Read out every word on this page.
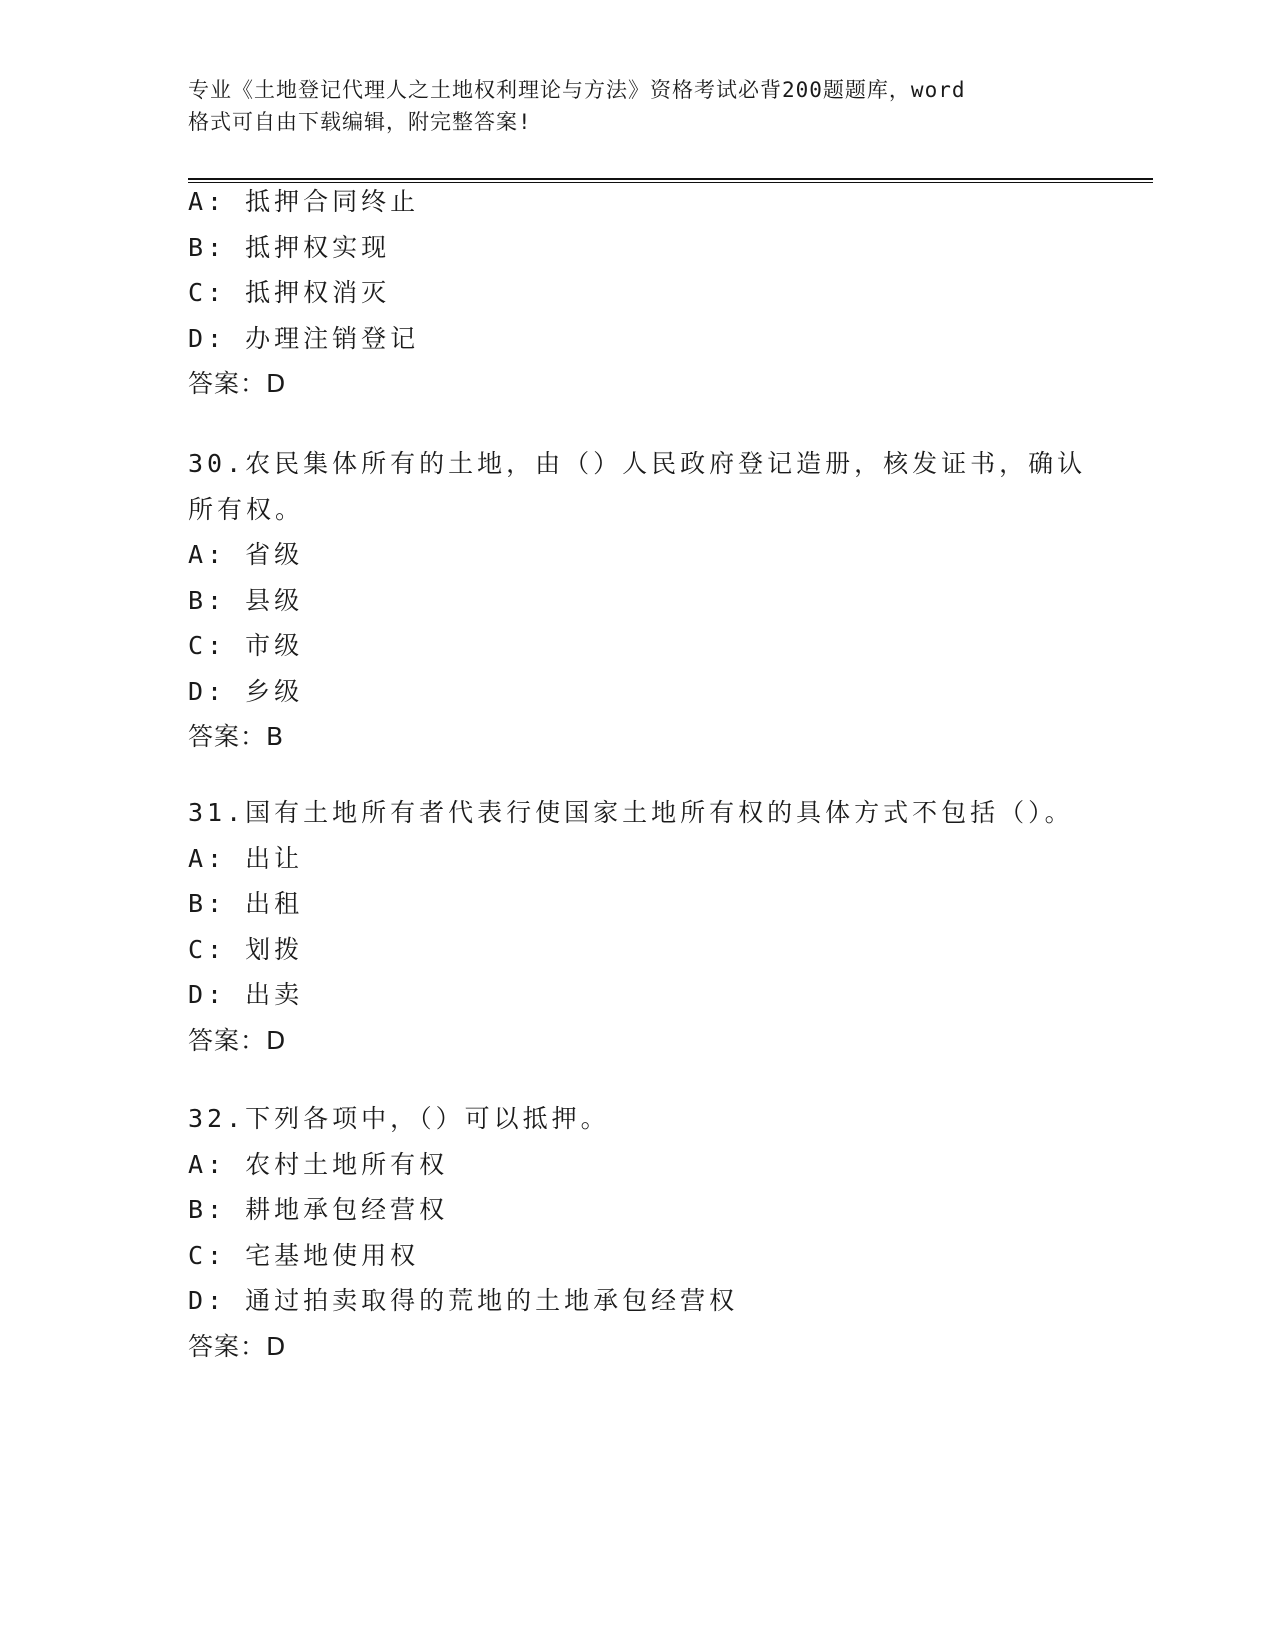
专业《土地登记代理人之土地权利理论与方法》资格考试必背200题题库，word
格式可自由下载编辑，附完整答案!
A: 抵押合同终止
B: 抵押权实现
C: 抵押权消灭
D: 办理注销登记
答案：D
30.农民集体所有的土地，由（）人民政府登记造册，核发证书，确认
所有权。
A: 省级
B: 县级
C: 市级
D: 乡级
答案：B
31.国有土地所有者代表行使国家土地所有权的具体方式不包括（）。
A: 出让
B: 出租
C: 划拨
D: 出卖
答案：D
32.下列各项中，（）可以抵押。
A: 农村土地所有权
B: 耕地承包经营权
C: 宅基地使用权
D: 通过拍卖取得的荒地的土地承包经营权
答案：D
